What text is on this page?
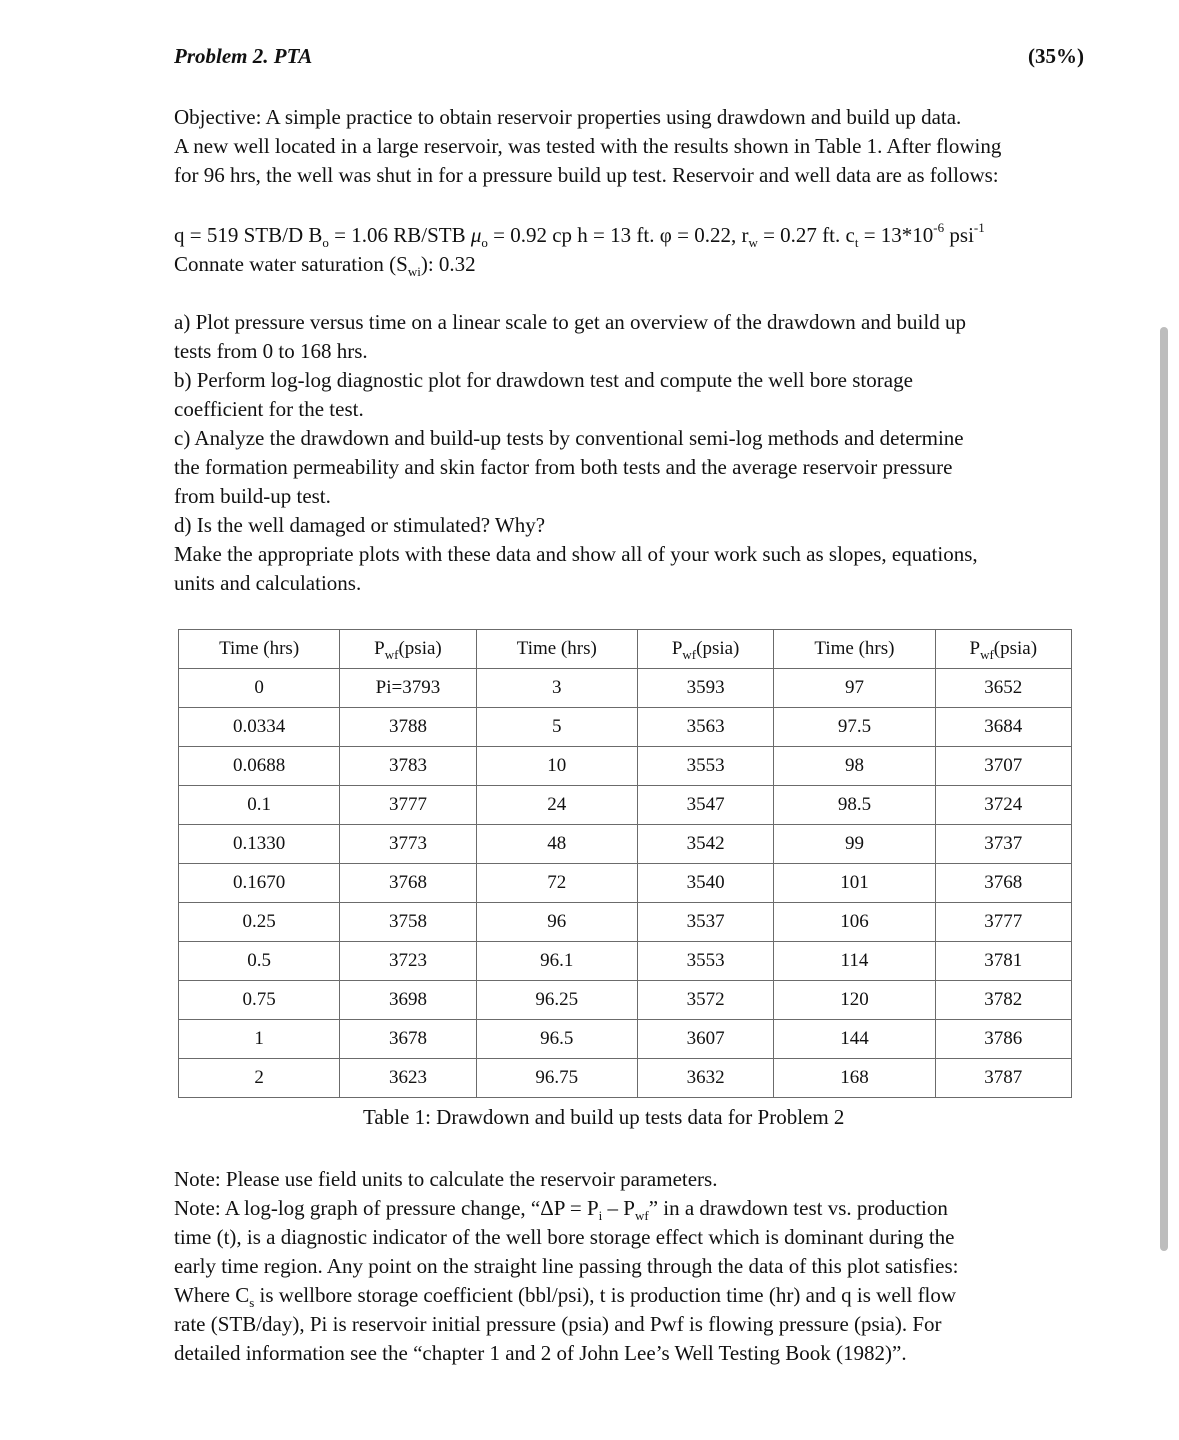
Problem 2. PTA	(35%)

Objective: A simple practice to obtain reservoir properties using drawdown and build up data.

A new well located in a large reservoir, was tested with the results shown in Table 1. After flowing

for 96 hrs, the well was shut in for a pressure build up test. Reservoir and well data are as follows:

q = 519 STB/D $B_o = 1.06$ RB/STB $\mu_o = 0.92$ cp h = 13 ft. φ = 0.22, $r_w = 0.27$ ft. $c_t = 13*10^{-6}$ psi$^{-1}$

Connate water saturation $(S_{wi})$: 0.32

a) Plot pressure versus time on a linear scale to get an overview of the drawdown and build up

tests from 0 to 168 hrs.

b) Perform log-log diagnostic plot for drawdown test and compute the well bore storage

coefficient for the test.

c) Analyze the drawdown and build-up tests by conventional semi-log methods and determine

the formation permeability and skin factor from both tests and the average reservoir pressure

from build-up test.

d) Is the well damaged or stimulated? Why?

Make the appropriate plots with these data and show all of your work such as slopes, equations,

units and calculations.

Time (hrs)	$P_{wf}(psia)$	Time (hrs)	$P_{wf}(psia)$	Time (hrs)	$P_{wf}(psia)$
0	Pi=3793	3	3593	97	3652
0.0334	3788	5	3563	97.5	3684
0.0688	3783	10	3553	98	3707
0.1	3777	24	3547	98.5	3724
0.1330	3773	48	3542	99	3737
0.1670	3768	72	3540	101	3768
0.25	3758	96	3537	106	3777
0.5	3723	96.1	3553	114	3781
0.75	3698	96.25	3572	120	3782
1	3678	96.5	3607	144	3786
2	3623	96.75	3632	168	3787
Table 1: Drawdown and build up tests data for Problem 2

Note: Please use field units to calculate the reservoir parameters.

Note: A log-log graph of pressure change, “$\Delta P = P_i - P_{wf}$” in a drawdown test vs. production

time (t), is a diagnostic indicator of the well bore storage effect which is dominant during the

early time region. Any point on the straight line passing through the data of this plot satisfies:

Where $C_s$ is wellbore storage coefficient (bbl/psi), t is production time (hr) and q is well flow

rate (STB/day), Pi is reservoir initial pressure (psia) and Pwf is flowing pressure (psia). For

detailed information see the “chapter 1 and 2 of John Lee’s Well Testing Book (1982)”.
